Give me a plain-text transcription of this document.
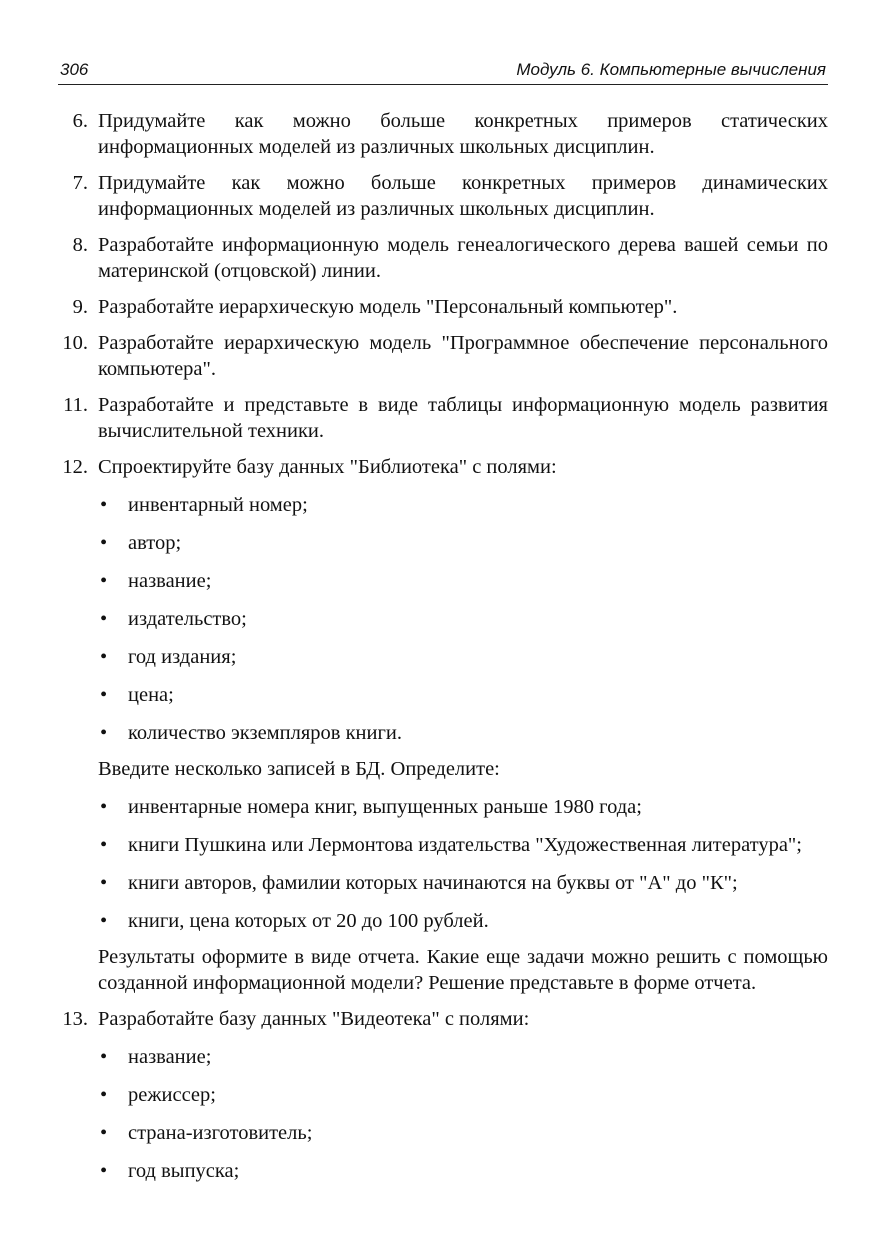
306	Модуль 6. Компьютерные вычисления
6. Придумайте как можно больше конкретных примеров статических информационных моделей из различных школьных дисциплин.
7. Придумайте как можно больше конкретных примеров динамических информационных моделей из различных школьных дисциплин.
8. Разработайте информационную модель генеалогического дерева вашей семьи по материнской (отцовской) линии.
9. Разработайте иерархическую модель "Персональный компьютер".
10. Разработайте иерархическую модель "Программное обеспечение персонального компьютера".
11. Разработайте и представьте в виде таблицы информационную модель развития вычислительной техники.
12. Спроектируйте базу данных "Библиотека" с полями:
• инвентарный номер;
• автор;
• название;
• издательство;
• год издания;
• цена;
• количество экземпляров книги.
Введите несколько записей в БД. Определите:
• инвентарные номера книг, выпущенных раньше 1980 года;
• книги Пушкина или Лермонтова издательства "Художественная литература";
• книги авторов, фамилии которых начинаются на буквы от "А" до "К";
• книги, цена которых от 20 до 100 рублей.
Результаты оформите в виде отчета. Какие еще задачи можно решить с помощью созданной информационной модели? Решение представьте в форме отчета.
13. Разработайте базу данных "Видеотека" с полями:
• название;
• режиссер;
• страна-изготовитель;
• год выпуска;
